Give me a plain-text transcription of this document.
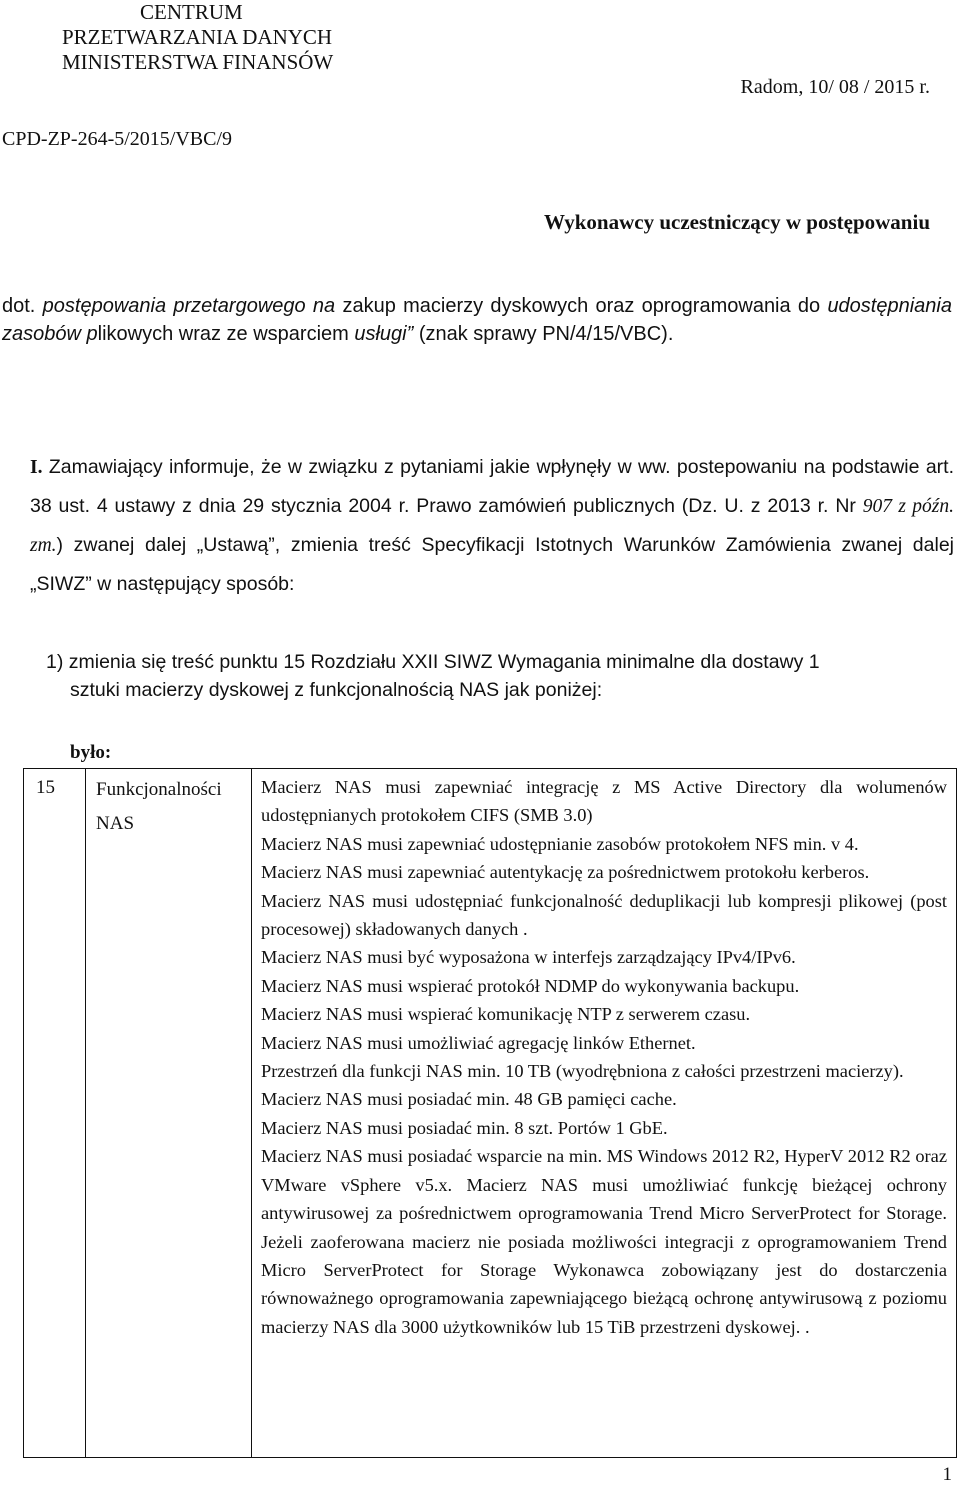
CENTRUM
PRZETWARZANIA DANYCH
MINISTERSTWA FINANSÓW
Radom, 10/ 08 / 2015 r.
CPD-ZP-264-5/2015/VBC/9
Wykonawcy uczestniczący w postępowaniu
dot. postępowania przetargowego na zakup macierzy dyskowych oraz oprogramowania do udostępniania zasobów plikowych wraz ze wsparciem usługi” (znak sprawy PN/4/15/VBC).
I. Zamawiający informuje, że w związku z pytaniami jakie wpłynęły w ww. postepowaniu na podstawie art. 38 ust. 4 ustawy z dnia 29 stycznia 2004 r. Prawo zamówień publicznych (Dz. U. z 2013 r. Nr 907 z późn. zm.) zwanej dalej „Ustawą”, zmienia treść Specyfikacji Istotnych Warunków Zamówienia zwanej dalej „SIWZ” w następujący sposób:
1) zmienia się treść punktu 15 Rozdziału XXII SIWZ Wymagania minimalne dla dostawy 1
sztuki macierzy dyskowej z funkcjonalnością NAS jak poniżej:
było:
15 Funkcjonalności
NAS
Macierz NAS musi zapewniać integrację z MS Active Directory dla wolumenów udostępnianych protokołem CIFS (SMB 3.0)
Macierz NAS musi zapewniać udostępnianie zasobów protokołem NFS min. v 4.
Macierz NAS musi zapewniać autentykację za pośrednictwem protokołu kerberos.
Macierz NAS musi udostępniać funkcjonalność deduplikacji lub kompresji plikowej (post procesowej) składowanych danych .
Macierz NAS musi być wyposażona w interfejs zarządzający IPv4/IPv6.
Macierz NAS musi wspierać protokół NDMP do wykonywania backupu.
Macierz NAS musi wspierać komunikację NTP z serwerem czasu.
Macierz NAS musi umożliwiać agregację linków Ethernet.
Przestrzeń dla funkcji NAS min. 10 TB (wyodrębniona z całości przestrzeni macierzy).
Macierz NAS musi posiadać min. 48 GB pamięci cache.
Macierz NAS musi posiadać min. 8 szt. Portów 1 GbE.
Macierz NAS musi posiadać wsparcie na min. MS Windows 2012 R2, HyperV 2012 R2 oraz VMware vSphere v5.x. Macierz NAS musi umożliwiać funkcję bieżącej ochrony antywirusowej za pośrednictwem oprogramowania Trend Micro ServerProtect for Storage. Jeżeli zaoferowana macierz nie posiada możliwości integracji z oprogramowaniem Trend Micro ServerProtect for Storage Wykonawca zobowiązany jest do dostarczenia równoważnego oprogramowania zapewniającego bieżącą ochronę antywirusową z poziomu macierzy NAS dla 3000 użytkowników lub 15 TiB przestrzeni dyskowej. .
1
